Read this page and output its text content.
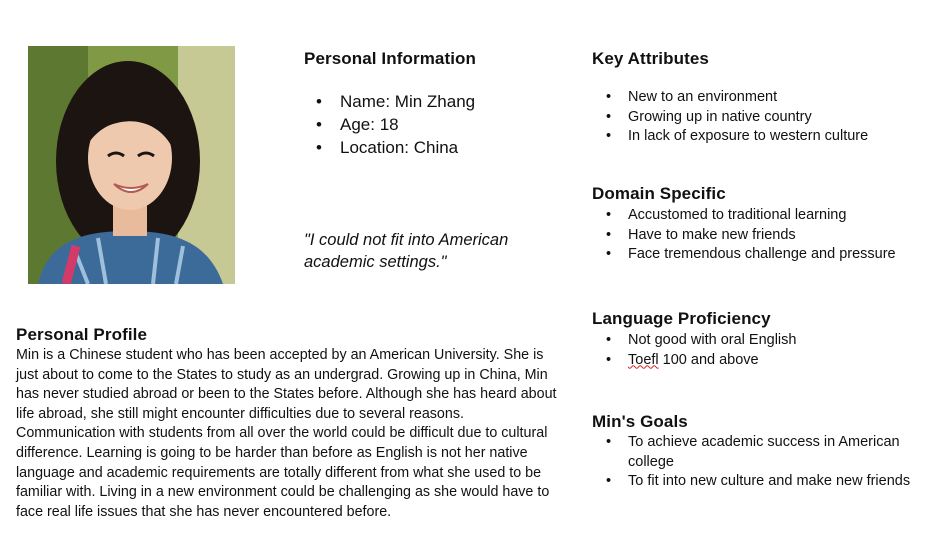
Personal Information
• Name: Min Zhang
• Age: 18
• Location: China
"I could not fit into American academic settings."
Key Attributes
• New to an environment
• Growing up in native country
• In lack of exposure to western culture
Domain Specific
• Accustomed to traditional learning
• Have to make new friends
• Face tremendous challenge and pressure
Language Proficiency
• Not good with oral English
• Toefl 100 and above
Min's Goals
• To achieve academic success in American college
• To fit into new culture and make new friends
Personal Profile

Min is a Chinese student who has been accepted by an American University. She is just about to come to the States to study as an undergrad. Growing up in China, Min has never studied abroad or been to the States before. Although she has heard about life abroad, she still might encounter difficulties due to several reasons. Communication with students from all over the world could be difficult due to cultural difference. Learning is going to be harder than before as English is not her native language and academic requirements are totally different from what she used to be familiar with. Living in a new environment could be challenging as she would have to face real life issues that she has never encountered before.
